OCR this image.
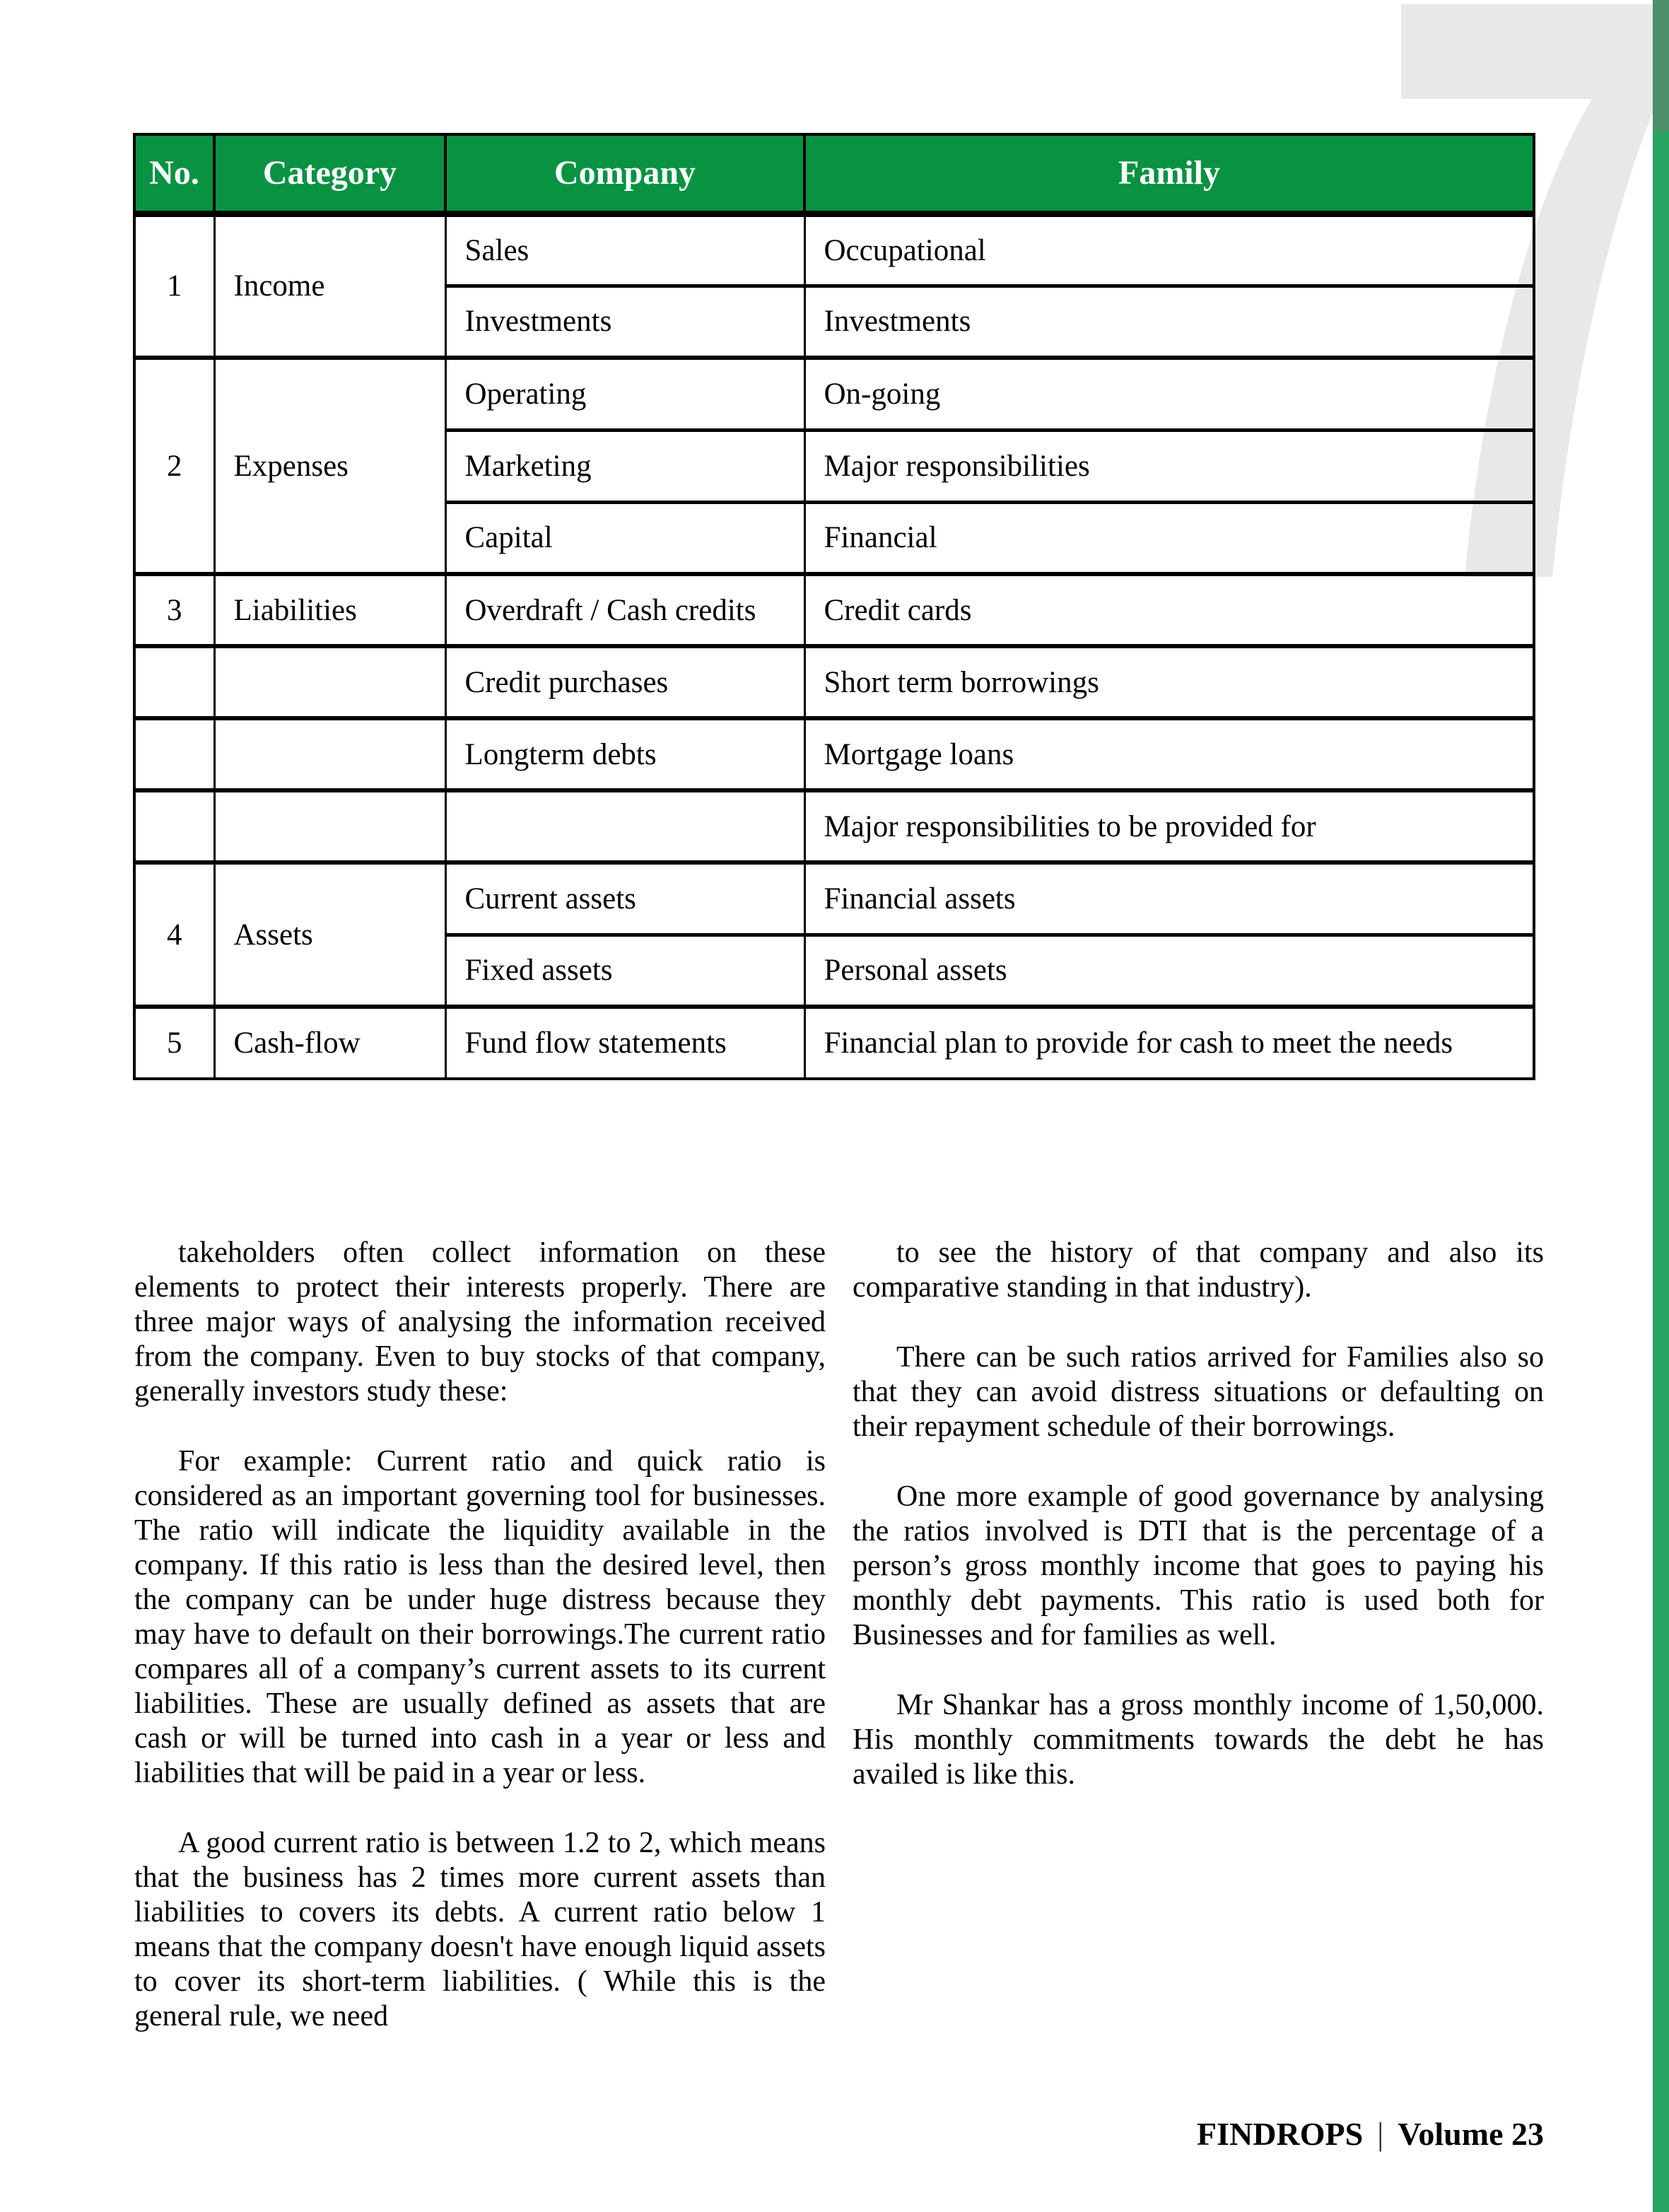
No.	Category	Company	Family
1	Income	Sales	Occupational
		Investments	Investments
2	Expenses	Operating	On-going
		Marketing	Major responsibilities
		Capital	Financial
3	Liabilities	Overdraft / Cash credits	Credit cards
		Credit purchases	Short term borrowings
		Longterm debts	Mortgage loans
			Major responsibilities to be provided for
4	Assets	Current assets	Financial assets
		Fixed assets	Personal assets
5	Cash-flow	Fund flow statements	Financial plan to provide for cash to meet the needs

takeholders often collect information on these elements to protect their interests properly. There are three major ways of analysing the information received from the company. Even to buy stocks of that company, generally investors study these:

For example: Current ratio and quick ratio is considered as an important governing tool for businesses. The ratio will indicate the liquidity available in the company. If this ratio is less than the desired level, then the company can be under huge distress because they may have to default on their borrowings.The current ratio compares all of a company’s current assets to its current liabilities. These are usually defined as assets that are cash or will be turned into cash in a year or less and liabilities that will be paid in a year or less.

A good current ratio is between 1.2 to 2, which means that the business has 2 times more current assets than liabilities to covers its debts. A current ratio below 1 means that the company doesn't have enough liquid assets to cover its short-term liabilities. ( While this is the general rule, we need

to see the history of that company and also its comparative standing in that industry).

There can be such ratios arrived for Families also so that they can avoid distress situations or defaulting on their repayment schedule of their borrowings.

One more example of good governance by analysing the ratios involved is DTI that is the percentage of a person’s gross monthly income that goes to paying his monthly debt payments. This ratio is used both for Businesses and for families as well.

Mr Shankar has a gross monthly income of 1,50,000. His monthly commitments towards the debt he has availed is like this.

FINDROPS | Volume 23
